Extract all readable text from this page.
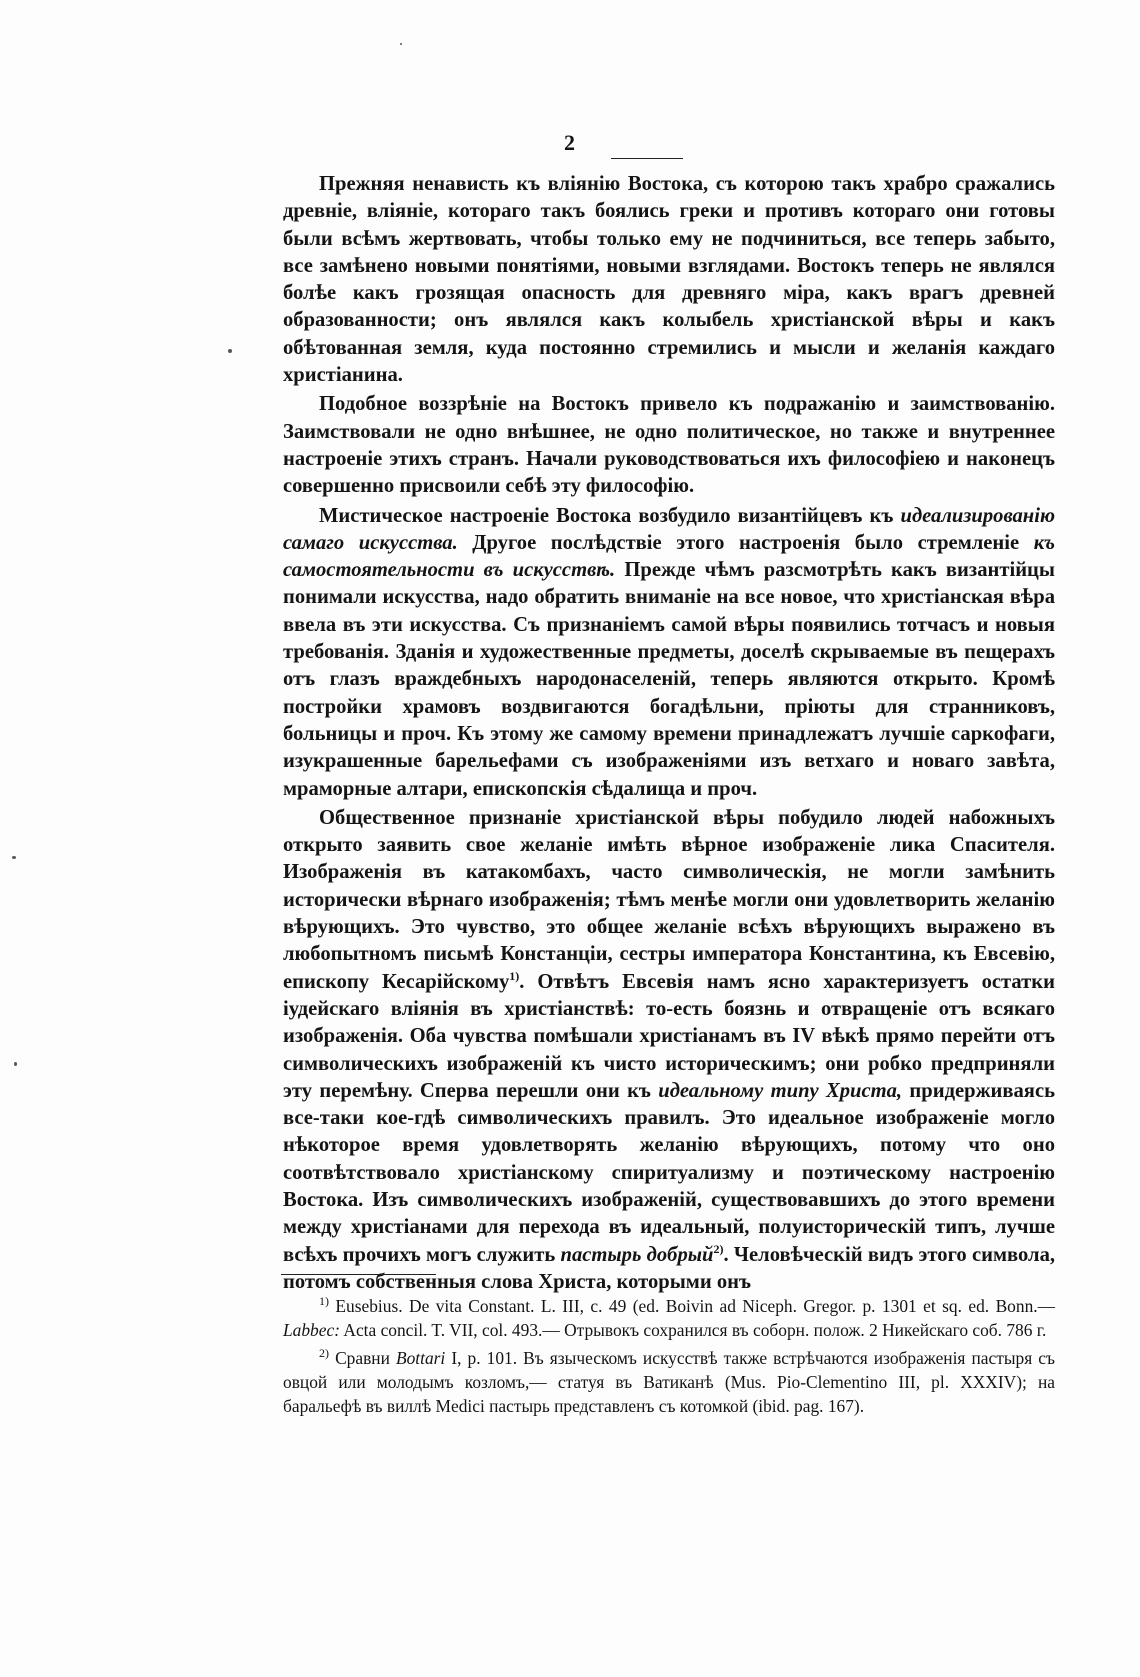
2

Прежняя ненависть къ вліянію Востока, съ которою такъ храбро сражались древніе, вліяніе, котораго такъ боялись греки и противъ котораго они готовы были всѣмъ жертвовать, чтобы только ему не подчиниться, все теперь забыто, все замѣнено новыми понятіями, новыми взглядами. Востокъ теперь не являлся болѣе какъ грозящая опасность для древняго міра, какъ врагъ древней образованности; онъ являлся какъ колыбель христіанской вѣры и какъ обѣтованная земля, куда постоянно стремились и мысли и желанія каждаго христіанина.

Подобное воззрѣніе на Востокъ привело къ подражанію и заимствованію. Заимствовали не одно внѣшнее, не одно политическое, но также и внутреннее настроеніе этихъ странъ. Начали руководствоваться ихъ философіею и наконецъ совершенно присвоили себѣ эту философію.

Мистическое настроеніе Востока возбудило византійцевъ къ идеализированію самаго искусства. Другое послѣдствіе этого настроенія было стремленіе къ самостоятельности въ искусствѣ. Прежде чѣмъ разсмотрѣть какъ византійцы понимали искусства, надо обратить вниманіе на все новое, что христіанская вѣра ввела въ эти искусства. Съ признаніемъ самой вѣры появились тотчасъ и новыя требованія. Зданія и художественные предметы, доселѣ скрываемые въ пещерахъ отъ глазъ враждебныхъ народонаселеній, теперь являются открыто. Кромѣ постройки храмовъ воздвигаются богадѣльни, пріюты для странниковъ, больницы и проч. Къ этому же самому времени принадлежатъ лучшіе саркофаги, изукрашенные барельефами съ изображеніями изъ ветхаго и новаго завѣта, мраморные алтари, епископскія сѣдалища и проч.

Общественное признаніе христіанской вѣры побудило людей набожныхъ открыто заявить свое желаніе имѣть вѣрное изображеніе лика Спасителя. Изображенія въ катакомбахъ, часто символическія, не могли замѣнить исторически вѣрнаго изображенія; тѣмъ менѣе могли они удовлетворить желанію вѣрующихъ. Это чувство, это общее желаніе всѣхъ вѣрующихъ выражено въ любопытномъ письмѣ Констанціи, сестры императора Константина, къ Евсевію, епископу Кесарійскому$^{1)}$. Отвѣтъ Евсевія намъ ясно характеризуетъ остатки іудейскаго вліянія въ христіанствѣ: то-есть боязнь и отвращеніе отъ всякаго изображенія. Оба чувства помѣшали христіанамъ въ IV вѣкѣ прямо перейти отъ символическихъ изображеній къ чисто историческимъ; они робко предприняли эту перемѣну. Сперва перешли они къ идеальному типу Христа, придерживаясь все-таки кое-гдѣ символическихъ правилъ. Это идеальное изображеніе могло нѣкоторое время удовлетворять желанію вѣрующихъ, потому что оно соотвѣтствовало христіанскому спиритуализму и поэтическому настроенію Востока. Изъ символическихъ изображеній, существовавшихъ до этого времени между христіанами для перехода въ идеальный, полуисторическій типъ, лучше всѣхъ прочихъ могъ служить пастырь добрый$^{2)}$. Человѣческій видъ этого символа, потомъ собственныя слова Христа, которыми онъ

$^{1)}$ Eusebius. De vita Constant. L. III, c. 49 (ed. Boivin ad Niceph. Gregor. p. 1301 et sq. ed. Bonn.— Labbec: Acta concil. T. VII, col. 493.— Отрывокъ сохранился въ соборн. полож. 2 Никейскаго соб. 786 г.

$^{2)}$ Сравни Bottari I, p. 101. Въ языческомъ искусствѣ также встрѣчаются изображенія пастыря съ овцой или молодымъ козломъ,— статуя въ Ватиканѣ (Mus. Pio-Clementino III, pl. XXXIV); на баральефѣ въ виллѣ Medici пастырь представленъ съ котомкой (ibid. pag. 167).
